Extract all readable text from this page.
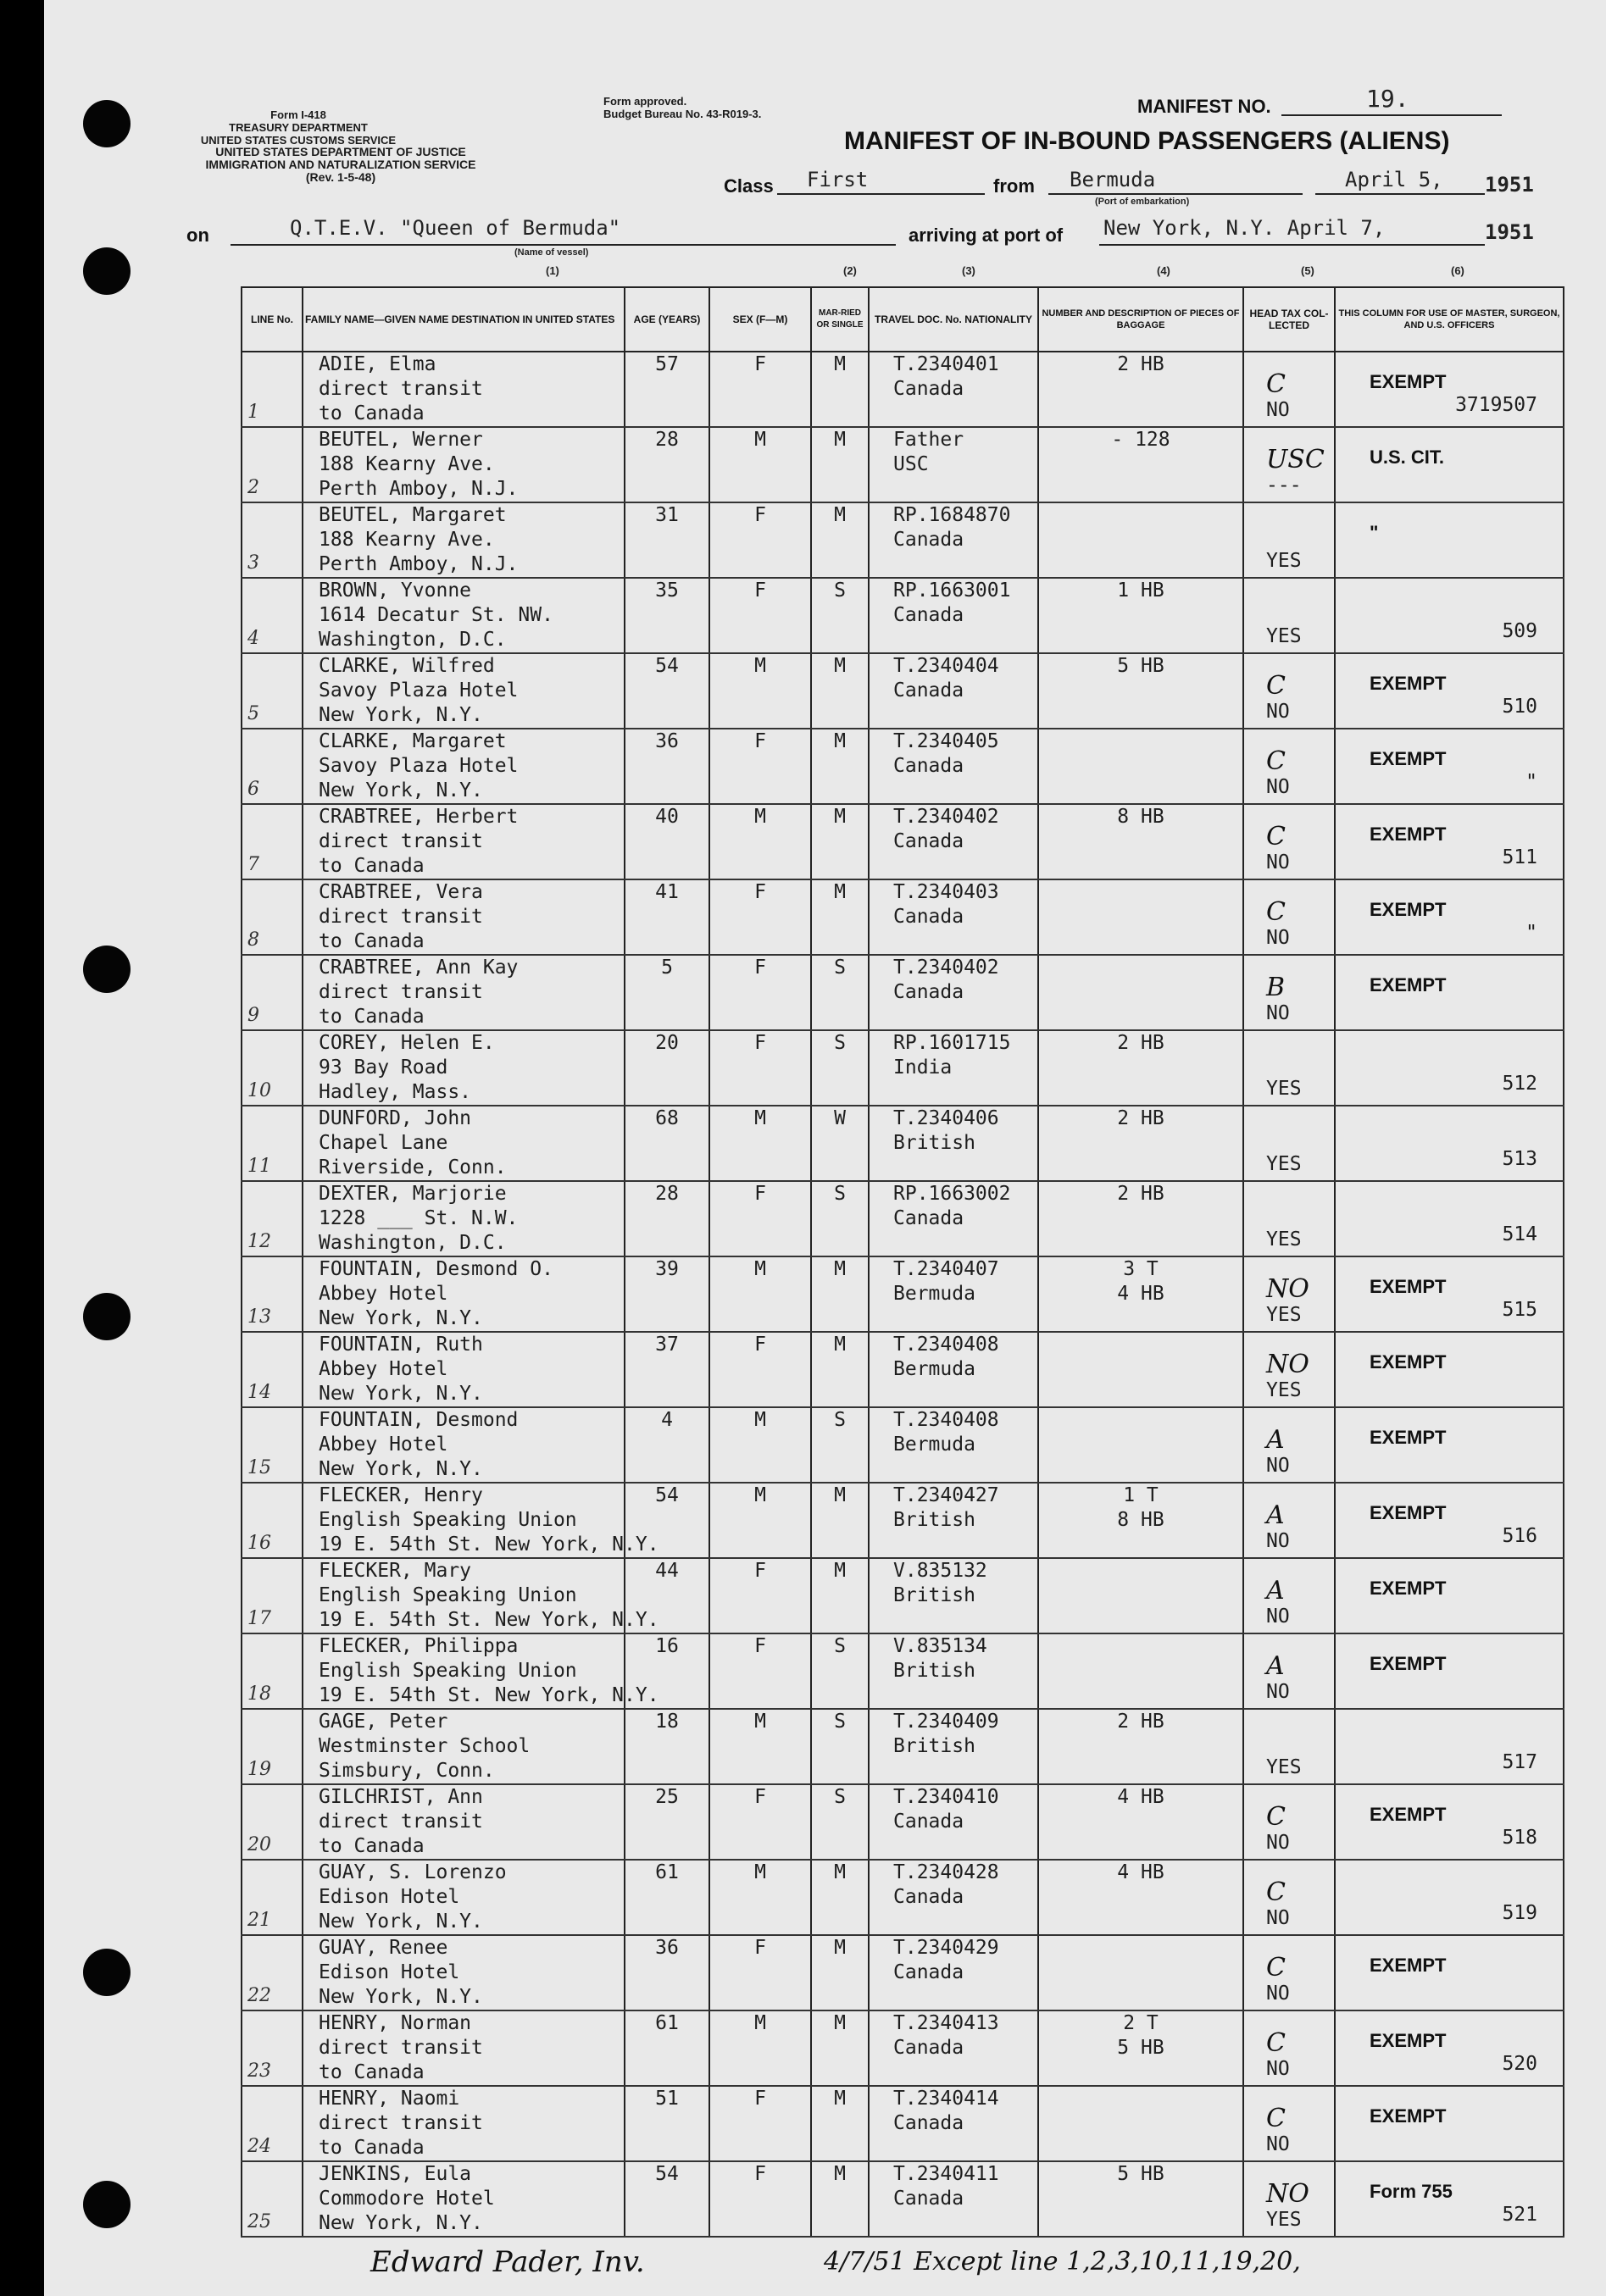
Form I-418
TREASURY DEPARTMENT
UNITED STATES CUSTOMS SERVICE
UNITED STATES DEPARTMENT OF JUSTICE
IMMIGRATION AND NATURALIZATION SERVICE
(Rev. 1-5-48)
Form approved.
Budget Bureau No. 43-R019-3.	MANIFEST NO.	19.
MANIFEST OF IN-BOUND PASSENGERS (ALIENS)
Class First	from Bermuda
(Port of embarkation)
April 5, 1951
on	Q.T.E.V. "Queen of Bermuda"
(Name of vessel)
arriving at port of New York, N.Y. April 7,	1951
(1)	(2)	(3)	(4)	(5)	(6)
LINE No.	FAMILY NAME—GIVEN NAME DESTINATION IN UNITED STATES	AGE (YEARS)	SEX (F—M)	MAR-RIED OR SINGLE	TRAVEL DOC. No. NATIONALITY	NUMBER AND DESCRIPTION OF PIECES OF BAGGAGE	HEAD TAX COL-LECTED	THIS COLUMN FOR USE OF MASTER, SURGEON, AND U.S. OFFICERS

1	ADIE, Elma
direct transit
to Canada	57	F	M	T.2340401
Canada	2 HB	C
NO	EXEMPT
3719507

2	BEUTEL, Werner
188 Kearny Ave.
Perth Amboy, N.J.	28	M	M	Father
USC	- 128	USC
---	U.S. CIT.

3	BEUTEL, Margaret
188 Kearny Ave.
Perth Amboy, N.J.	31	F	M	RP.1684870
Canada		YES	"

4	BROWN, Yvonne
1614 Decatur St. NW.
Washington, D.C.	35	F	S	RP.1663001
Canada	1 HB	YES	509

5	CLARKE, Wilfred
Savoy Plaza Hotel
New York, N.Y.	54	M	M	T.2340404
Canada	5 HB	C
NO	EXEMPT
510

6	CLARKE, Margaret
Savoy Plaza Hotel
New York, N.Y.	36	F	M	T.2340405
Canada		C
NO	EXEMPT
"

7	CRABTREE, Herbert
direct transit
to Canada	40	M	M	T.2340402
Canada	8 HB	C
NO	EXEMPT
511

8	CRABTREE, Vera
direct transit
to Canada	41	F	M	T.2340403
Canada		C
NO	EXEMPT
"

9	CRABTREE, Ann Kay
direct transit
to Canada	5	F	S	T.2340402
Canada		B
NO	EXEMPT

10	COREY, Helen E.
93 Bay Road
Hadley, Mass.	20	F	S	RP.1601715
India	2 HB	YES	512

11	DUNFORD, John
Chapel Lane
Riverside, Conn.	68	M	W	T.2340406
British	2 HB	YES	513

12	DEXTER, Marjorie
1228 ___ St. N.W.
Washington, D.C.	28	F	S	RP.1663002
Canada	2 HB	YES	514

13	FOUNTAIN, Desmond O.
Abbey Hotel
New York, N.Y.	39	M	M	T.2340407
Bermuda	3 T
4 HB	NO
YES	EXEMPT
515

14	FOUNTAIN, Ruth
Abbey Hotel
New York, N.Y.	37	F	M	T.2340408
Bermuda		NO
YES	EXEMPT

15	FOUNTAIN, Desmond
Abbey Hotel
New York, N.Y.	4	M	S	T.2340408
Bermuda		A
NO	EXEMPT

16	FLECKER, Henry
English Speaking Union
19 E. 54th St. New York, N.Y.	54	M	M	T.2340427
British	1 T
8 HB	A
NO	EXEMPT
516

17	FLECKER, Mary
English Speaking Union
19 E. 54th St. New York, N.Y.	44	F	M	V.835132
British		A
NO	EXEMPT

18	FLECKER, Philippa
English Speaking Union
19 E. 54th St. New York, N.Y.	16	F	S	V.835134
British		A
NO	EXEMPT

19	GAGE, Peter
Westminster School
Simsbury, Conn.	18	M	S	T.2340409
British	2 HB	YES	517

20	GILCHRIST, Ann
direct transit
to Canada	25	F	S	T.2340410
Canada	4 HB	C
NO	EXEMPT
518

21	GUAY, S. Lorenzo
Edison Hotel
New York, N.Y.	61	M	M	T.2340428
Canada	4 HB	C
NO	519

22	GUAY, Renee
Edison Hotel
New York, N.Y.	36	F	M	T.2340429
Canada		C
NO	EXEMPT

23	HENRY, Norman
direct transit
to Canada	61	M	M	T.2340413
Canada	2 T
5 HB	C
NO	EXEMPT
520

24	HENRY, Naomi
direct transit
to Canada	51	F	M	T.2340414
Canada		C
NO	EXEMPT

25	JENKINS, Eula
Commodore Hotel
New York, N.Y.	54	F	M	T.2340411
Canada	5 HB	NO
YES	Form 755
521
Edward Pader, Inv.	4/7/51 Except line 1,2,3,10,11,19,20,
